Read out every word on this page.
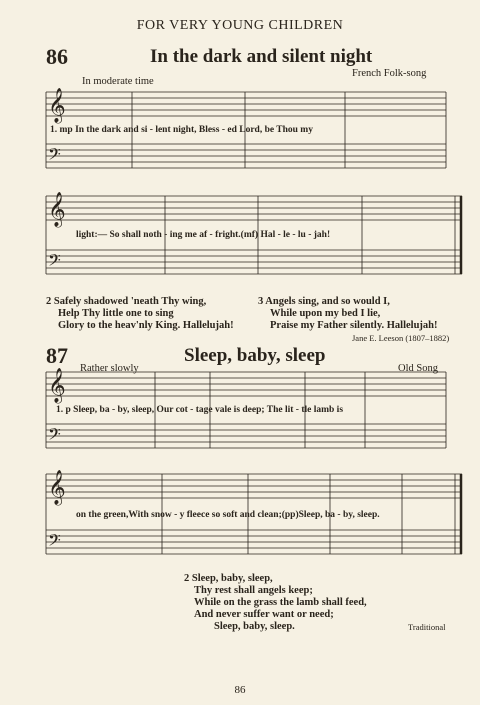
FOR VERY YOUNG CHILDREN
86	In the dark and silent night
In moderate time
French Folk-song
𝄞
𝄢
𝄞
𝄢
𝄞
𝄢
𝄞
𝄢
1. mp In the dark and si - lent night, Bless - ed Lord, be Thou my
light:— So shall noth - ing me af - fright.(mf) Hal - le - lu - jah!
2 Safely shadowed 'neath Thy wing,
Help Thy little one to sing
Glory to the heav'nly King. Hallelujah!
3 Angels sing, and so would I,
While upon my bed I lie,
Praise my Father silently. Hallelujah!
Jane E. Leeson (1807–1882)
87	Sleep, baby, sleep
Rather slowly	Old Song
1. p Sleep, ba - by, sleep, Our cot - tage vale is deep; The lit - tle lamb is
on the green,With snow - y fleece so soft and clean;(pp)Sleep, ba - by, sleep.
2 Sleep, baby, sleep,
Thy rest shall angels keep;
While on the grass the lamb shall feed,
And never suffer want or need;
Sleep, baby, sleep.	Traditional
86
